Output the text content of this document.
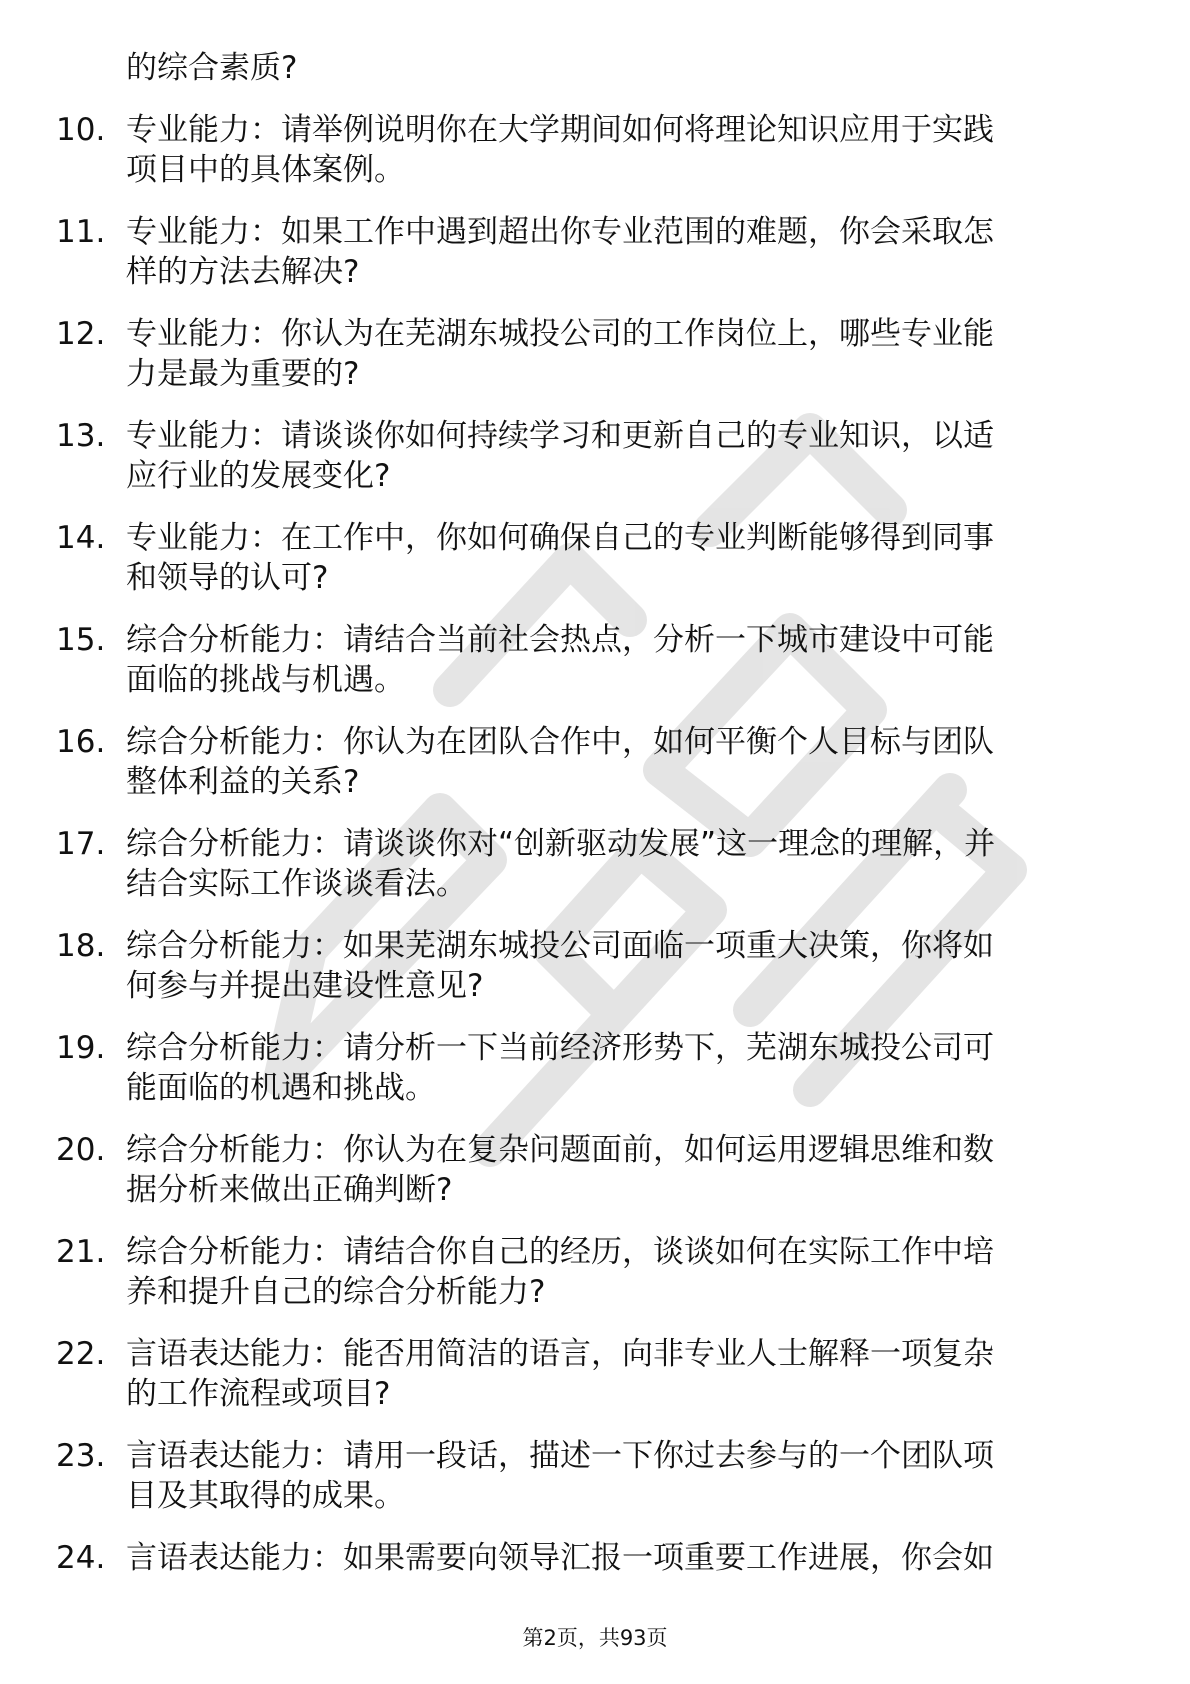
的综合素质?
10. 专业能力：请举例说明你在大学期间如何将理论知识应用于实践
项目中的具体案例。
11. 专业能力：如果工作中遇到超出你专业范围的难题，你会采取怎
样的方法去解决?
12. 专业能力：你认为在芜湖东城投公司的工作岗位上，哪些专业能
力是最为重要的?
13. 专业能力：请谈谈你如何持续学习和更新自己的专业知识，以适
应行业的发展变化?
14. 专业能力：在工作中，你如何确保自己的专业判断能够得到同事
和领导的认可?
15. 综合分析能力：请结合当前社会热点，分析一下城市建设中可能
面临的挑战与机遇。
16. 综合分析能力：你认为在团队合作中，如何平衡个人目标与团队
整体利益的关系?
17. 综合分析能力：请谈谈你对“创新驱动发展”这一理念的理解，并
结合实际工作谈谈看法。
18. 综合分析能力：如果芜湖东城投公司面临一项重大决策，你将如
何参与并提出建设性意见?
19. 综合分析能力：请分析一下当前经济形势下，芜湖东城投公司可
能面临的机遇和挑战。
20. 综合分析能力：你认为在复杂问题面前，如何运用逻辑思维和数
据分析来做出正确判断?
21. 综合分析能力：请结合你自己的经历，谈谈如何在实际工作中培
养和提升自己的综合分析能力?
22. 言语表达能力：能否用简洁的语言，向非专业人士解释一项复杂
的工作流程或项目?
23. 言语表达能力：请用一段话，描述一下你过去参与的一个团队项
目及其取得的成果。
24. 言语表达能力：如果需要向领导汇报一项重要工作进展，你会如
第2页，共93页
